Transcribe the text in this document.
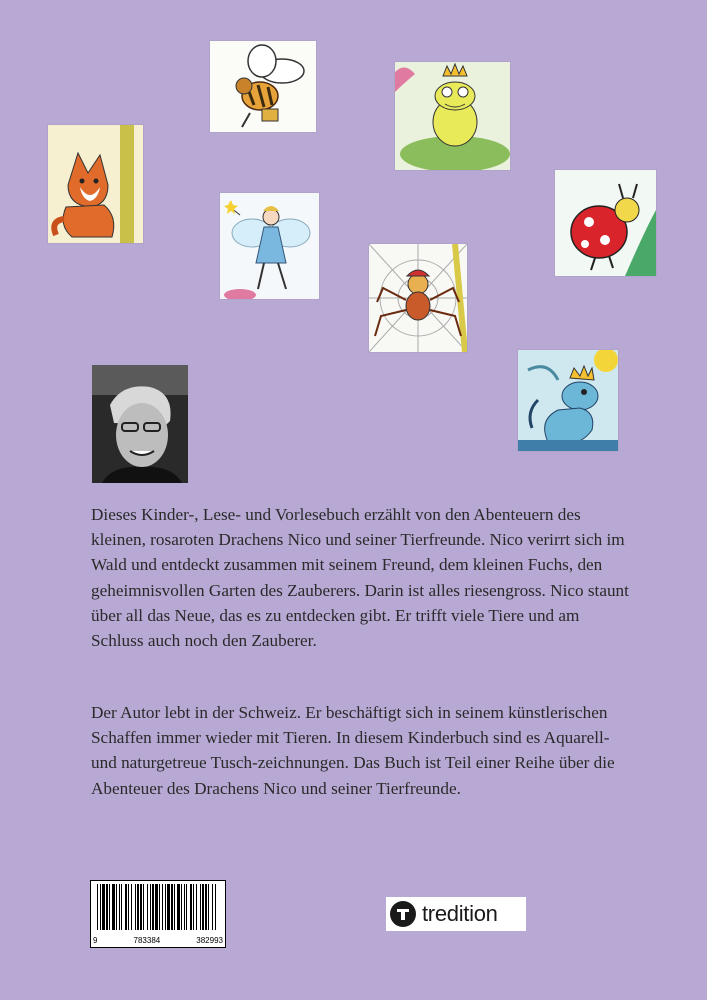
Dieses Kinder-, Lese- und Vorlesebuch erzählt von den Abenteuern des kleinen, rosaroten Drachens Nico und seiner Tierfreunde. Nico verirrt sich im Wald und entdeckt zusammen mit seinem Freund, dem kleinen Fuchs, den geheimnisvollen Garten des Zauberers. Darin ist alles riesengross. Nico staunt über all das Neue, das es zu entdecken gibt. Er trifft viele Tiere und am Schluss auch noch den Zauberer.

Der Autor lebt in der Schweiz. Er beschäftigt sich in seinem künstlerischen Schaffen immer wieder mit Tieren. In diesem Kinderbuch sind es Aquarell- und naturgetreue Tusch-zeichnungen. Das Buch ist Teil einer Reihe über die Abenteuer des Drachens Nico und seiner Tierfreunde.

9	783384	382993
tredition
